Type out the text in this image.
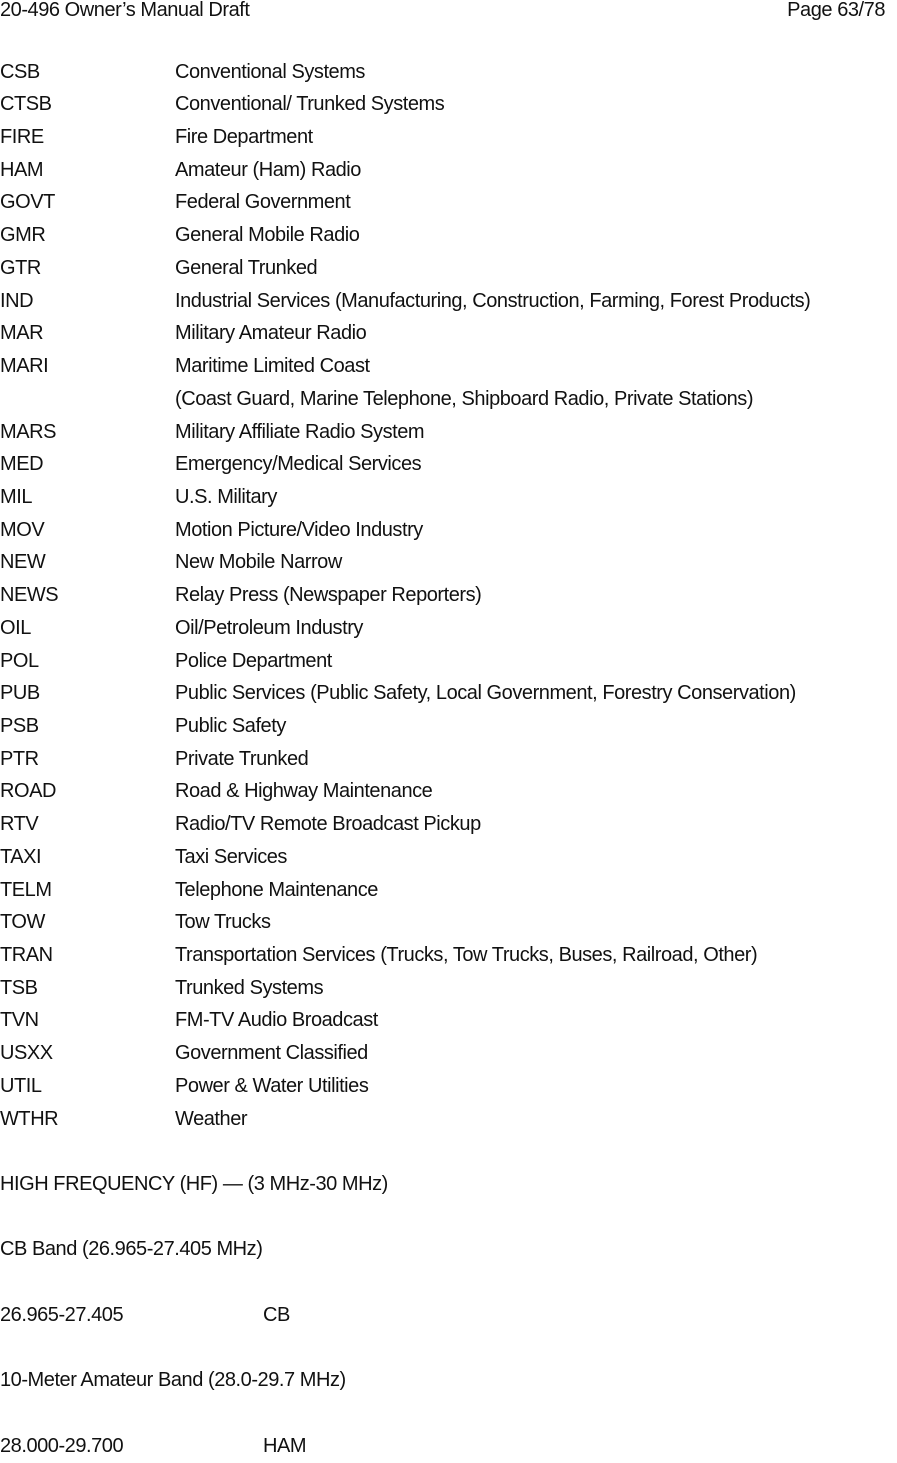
20-496 Owner’s Manual Draft	Page 63/78
CSB	Conventional Systems
CTSB	Conventional/ Trunked Systems
FIRE	Fire Department
HAM	Amateur (Ham) Radio
GOVT	Federal Government
GMR	General Mobile Radio
GTR	General Trunked
IND	Industrial Services (Manufacturing, Construction, Farming, Forest Products)
MAR	Military Amateur Radio
MARI	Maritime Limited Coast
(Coast Guard, Marine Telephone, Shipboard Radio, Private Stations)
MARS	Military Affiliate Radio System
MED	Emergency/Medical Services
MIL	U.S. Military
MOV	Motion Picture/Video Industry
NEW	New Mobile Narrow
NEWS	Relay Press (Newspaper Reporters)
OIL	Oil/Petroleum Industry
POL	Police Department
PUB	Public Services (Public Safety, Local Government, Forestry Conservation)
PSB	Public Safety
PTR	Private Trunked
ROAD	Road & Highway Maintenance
RTV	Radio/TV Remote Broadcast Pickup
TAXI	Taxi Services
TELM	Telephone Maintenance
TOW	Tow Trucks
TRAN	Transportation Services (Trucks, Tow Trucks, Buses, Railroad, Other)
TSB	Trunked Systems
TVN	FM-TV Audio Broadcast
USXX	Government Classified
UTIL	Power & Water Utilities
WTHR	Weather
HIGH FREQUENCY (HF) — (3 MHz-30 MHz)
CB Band (26.965-27.405 MHz)
26.965-27.405	CB
10-Meter Amateur Band (28.0-29.7 MHz)
28.000-29.700	HAM
